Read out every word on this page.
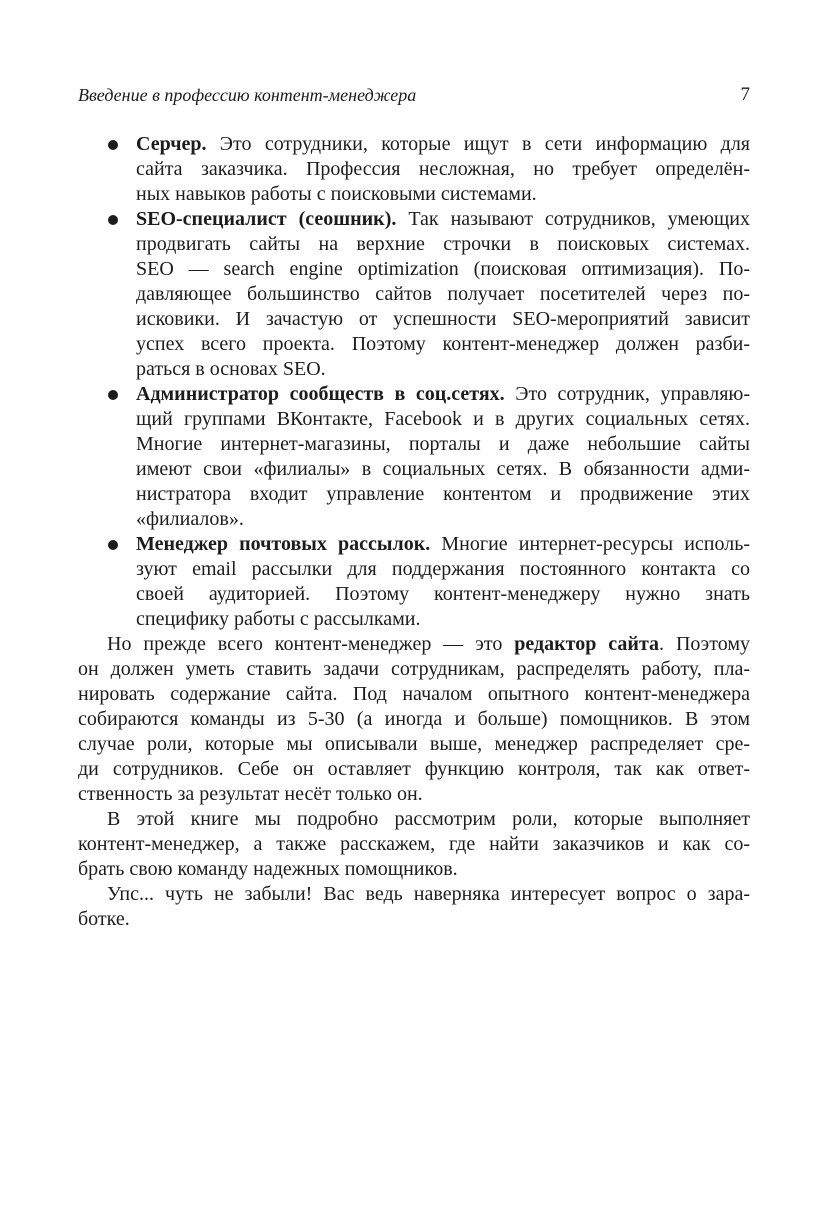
Введение в профессию контент-менеджера	7
Серчер. Это сотрудники, которые ищут в сети информацию для
сайта заказчика. Профессия несложная, но требует определён-
ных навыков работы с поисковыми системами.
SEO-специалист (сеошник). Так называют сотрудников, умеющих
продвигать сайты на верхние строчки в поисковых системах.
SEO — search engine optimization (поисковая оптимизация). По-
давляющее большинство сайтов получает посетителей через по-
исковики. И зачастую от успешности SEO-мероприятий зависит
успех всего проекта. Поэтому контент-менеджер должен разби-
раться в основах SEO.
Администратор сообществ в соц.сетях. Это сотрудник, управляю-
щий группами ВКонтакте, Facebook и в других социальных сетях.
Многие интернет-магазины, порталы и даже небольшие сайты
имеют свои «филиалы» в социальных сетях. В обязанности адми-
нистратора входит управление контентом и продвижение этих
«филиалов».
Менеджер почтовых рассылок. Многие интернет-ресурсы исполь-
зуют email рассылки для поддержания постоянного контакта со
своей аудиторией. Поэтому контент-менеджеру нужно знать
специфику работы с рассылками.
Но прежде всего контент-менеджер — это редактор сайта. Поэтому
он должен уметь ставить задачи сотрудникам, распределять работу, пла-
нировать содержание сайта. Под началом опытного контент-менеджера
собираются команды из 5-30 (а иногда и больше) помощников. В этом
случае роли, которые мы описывали выше, менеджер распределяет сре-
ди сотрудников. Себе он оставляет функцию контроля, так как ответ-
ственность за результат несёт только он.
В этой книге мы подробно рассмотрим роли, которые выполняет
контент-менеджер, а также расскажем, где найти заказчиков и как со-
брать свою команду надежных помощников.
Упс... чуть не забыли! Вас ведь наверняка интересует вопрос о зара-
ботке.
